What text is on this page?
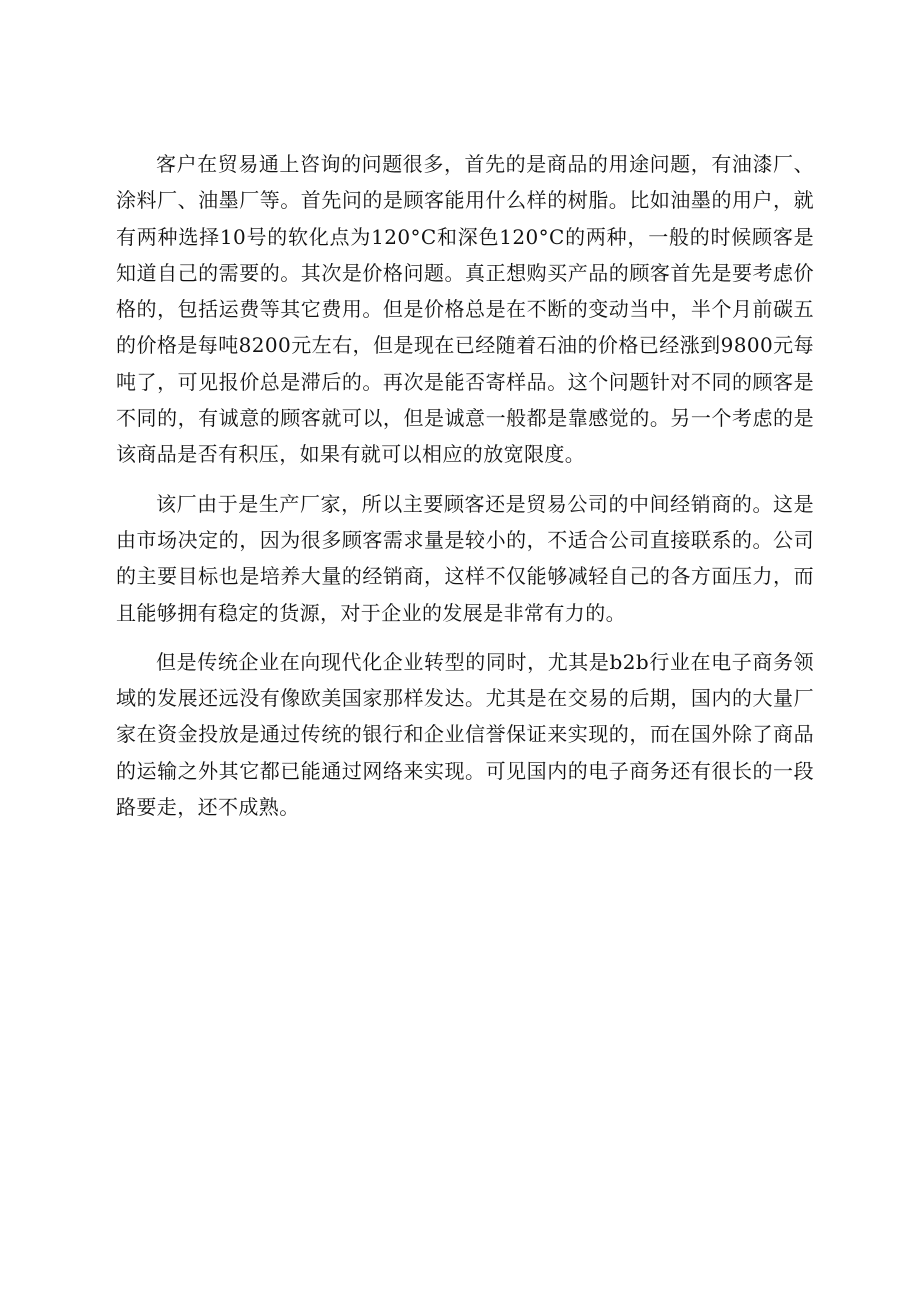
客户在贸易通上咨询的问题很多，首先的是商品的用途问题，有油漆厂、涂料厂、油墨厂等。首先问的是顾客能用什么样的树脂。比如油墨的用户，就有两种选择10号的软化点为120°C和深色120°C的两种，一般的时候顾客是知道自己的需要的。其次是价格问题。真正想购买产品的顾客首先是要考虑价格的，包括运费等其它费用。但是价格总是在不断的变动当中，半个月前碳五的价格是每吨8200元左右，但是现在已经随着石油的价格已经涨到9800元每吨了，可见报价总是滞后的。再次是能否寄样品。这个问题针对不同的顾客是不同的，有诚意的顾客就可以，但是诚意一般都是靠感觉的。另一个考虑的是该商品是否有积压，如果有就可以相应的放宽限度。

该厂由于是生产厂家，所以主要顾客还是贸易公司的中间经销商的。这是由市场决定的，因为很多顾客需求量是较小的，不适合公司直接联系的。公司的主要目标也是培养大量的经销商，这样不仅能够减轻自己的各方面压力，而且能够拥有稳定的货源，对于企业的发展是非常有力的。

但是传统企业在向现代化企业转型的同时，尤其是b2b行业在电子商务领域的发展还远没有像欧美国家那样发达。尤其是在交易的后期，国内的大量厂家在资金投放是通过传统的银行和企业信誉保证来实现的，而在国外除了商品的运输之外其它都已能通过网络来实现。可见国内的电子商务还有很长的一段路要走，还不成熟。
